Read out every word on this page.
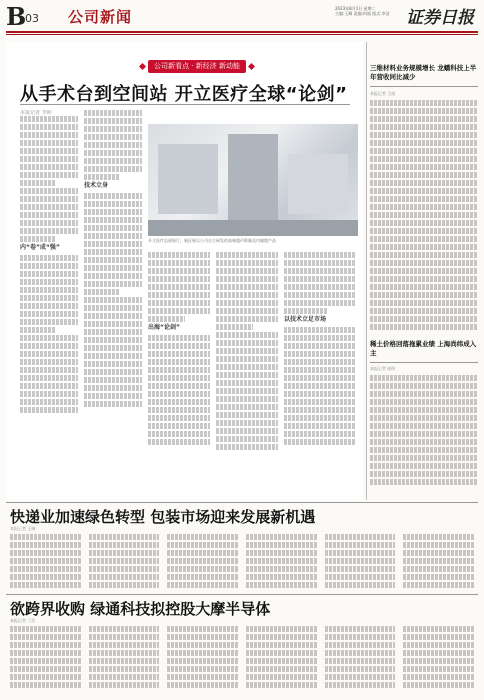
B
03 公司新闻	2023年8月1日 星期二
主编:王峰 责编:何丽 版式:李洁 证券日报
公司新看点 · 新经济 新动能
从手术台到空间站 开立医疗全球“论剑”
本报记者 李婷
内“卷”成“强”
技术立身
开立医疗总部展厅，展区展示公司自主研发的高端超声影像及内窥镜产品
出海“论剑”
以技术立足市场
三维材料业务规模增长 龙蟠科技上半年营收同比减少
本报记者 王丽
稀土价格回落拖累业绩 上海尚纬成入主
本报记者 曲明
快递业加速绿色转型 包装市场迎来发展新机遇
本报记者 王婉
欲跨界收购 绿通科技拟控股大摩半导体
本报记者 丁浩
